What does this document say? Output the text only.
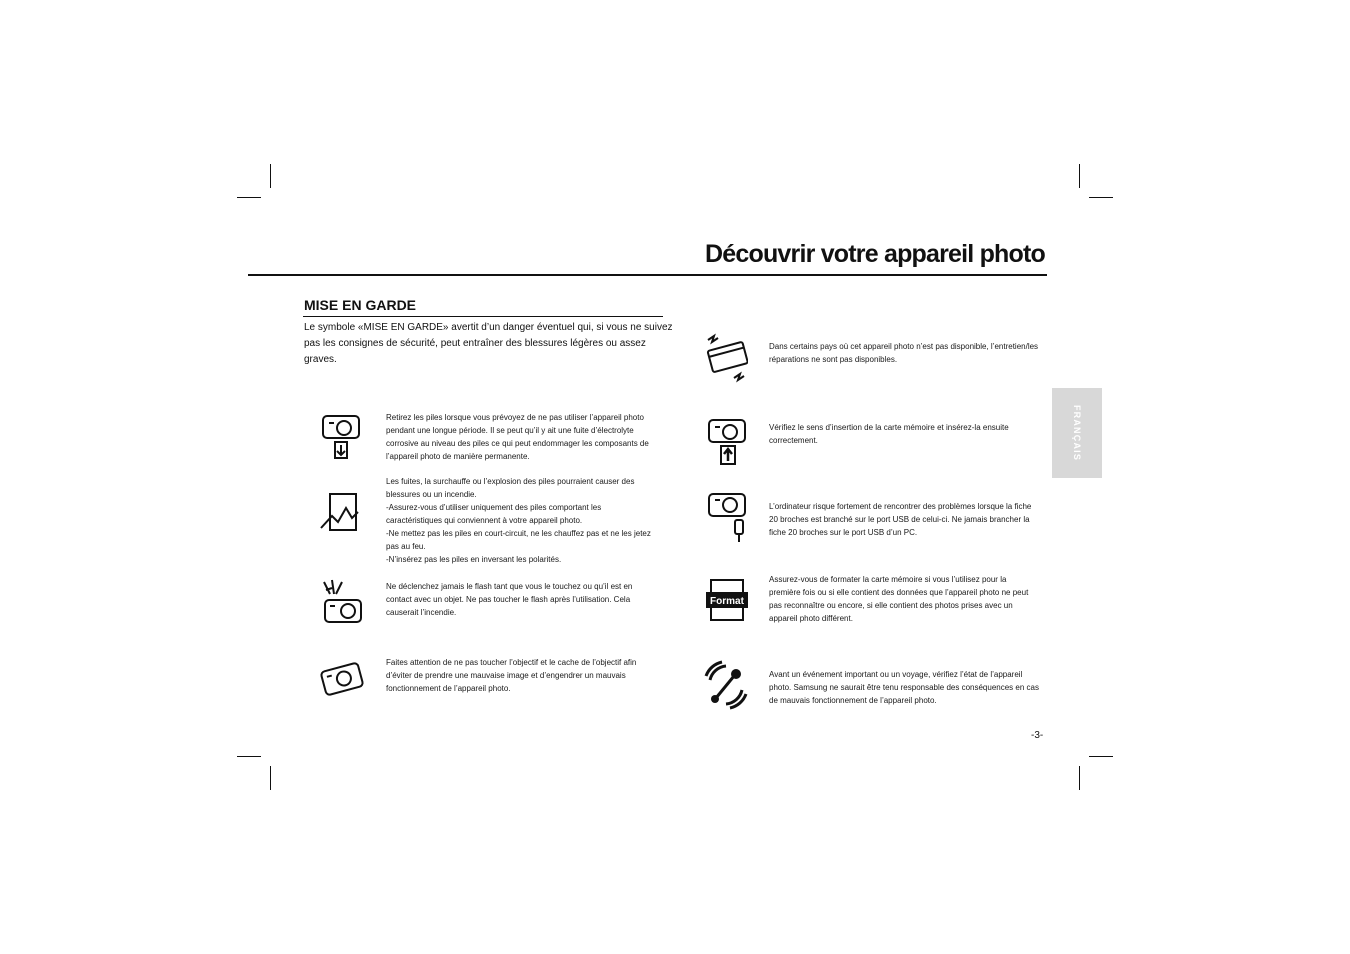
Découvrir votre appareil photo
MISE EN GARDE
Le symbole «MISE EN GARDE» avertit d’un danger éventuel qui, si vous ne suivez
pas les consignes de sécurité, peut entraîner des blessures légères ou assez graves.
FRANÇAIS
Retirez les piles lorsque vous prévoyez de ne pas utiliser l’appareil photo
pendant une longue période. Il se peut qu’il y ait une fuite d’électrolyte
corrosive au niveau des piles ce qui peut endommager les composants de
l’appareil photo de manière permanente.
Les fuites, la surchauffe ou l’explosion des piles pourraient causer des
blessures ou un incendie.
-Assurez-vous d’utiliser uniquement des piles comportant les
caractéristiques qui conviennent à votre appareil photo.
-Ne mettez pas les piles en court-circuit, ne les chauffez pas et ne les jetez
pas au feu.
-N’insérez pas les piles en inversant les polarités.
Ne déclenchez jamais le flash tant que vous le touchez ou qu’il est en
contact avec un objet. Ne pas toucher le flash après l’utilisation. Cela
causerait l’incendie.
Faites attention de ne pas toucher l’objectif et le cache de l’objectif afin
d’éviter de prendre une mauvaise image et d’engendrer un mauvais
fonctionnement de l’appareil photo.
Dans certains pays où cet appareil photo n’est pas disponible, l’entretien/les
réparations ne sont pas disponibles.
Vérifiez le sens d’insertion de la carte mémoire et insérez-la ensuite
correctement.
L’ordinateur risque fortement de rencontrer des problèmes lorsque la fiche
20 broches est branché sur le port USB de celui-ci. Ne jamais brancher la
fiche 20 broches sur le port USB d’un PC.
Format
Assurez-vous de formater la carte mémoire si vous l’utilisez pour la
première fois ou si elle contient des données que l’appareil photo ne peut
pas reconnaître ou encore, si elle contient des photos prises avec un
appareil photo différent.
Avant un événement important ou un voyage, vérifiez l’état de l’appareil
photo. Samsung ne saurait être tenu responsable des conséquences en cas
de mauvais fonctionnement de l’appareil photo.
-3-
